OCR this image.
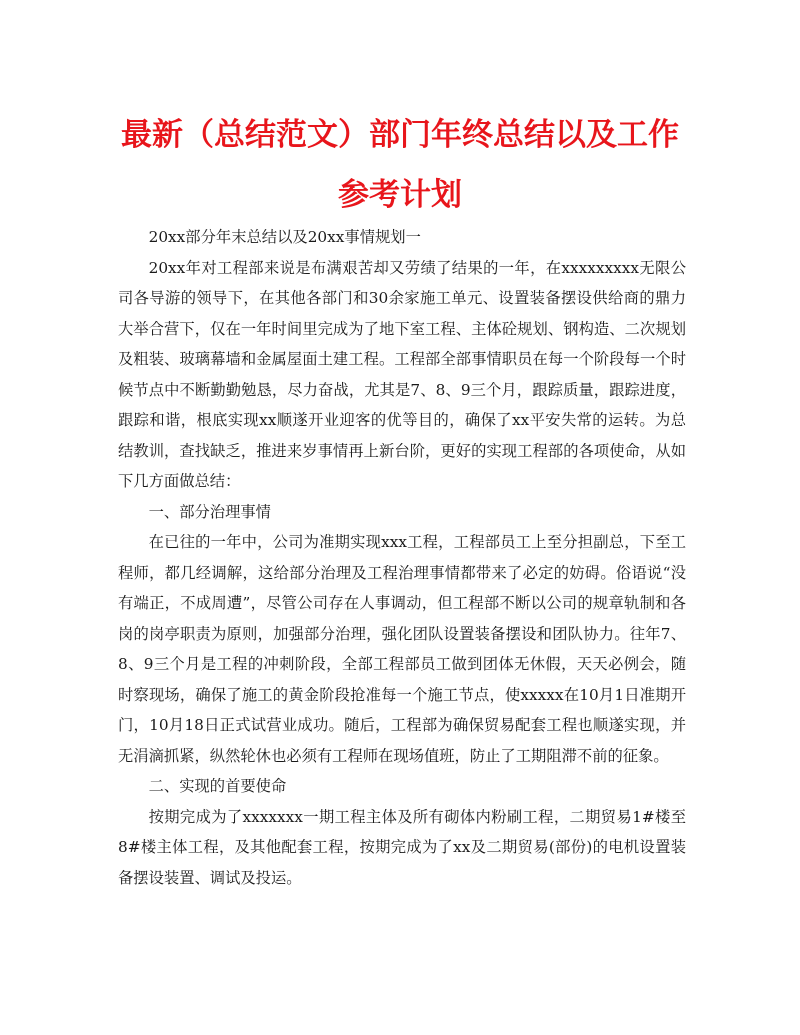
最新（总结范文）部门年终总结以及工作
参考计划

20xx部分年末总结以及20xx事情规划一

20xx年对工程部来说是布满艰苦却又劳绩了结果的一年，在xxxxxxxxx无限公司各导游的领导下，在其他各部门和30余家施工单元、设置装备摆设供给商的鼎力大举合营下，仅在一年时间里完成为了地下室工程、主体砼规划、钢构造、二次规划及粗装、玻璃幕墙和金属屋面土建工程。工程部全部事情职员在每一个阶段每一个时候节点中不断勤勤勉恳，尽力奋战，尤其是7、8、9三个月，跟踪质量，跟踪进度，跟踪和谐，根底实现xx顺遂开业迎客的优等目的，确保了xx平安失常的运转。为总结教训，查找缺乏，推进来岁事情再上新台阶，更好的实现工程部的各项使命，从如下几方面做总结：

一、部分治理事情

在已往的一年中，公司为准期实现xxx工程，工程部员工上至分担副总，下至工程师，都几经调解，这给部分治理及工程治理事情都带来了必定的妨碍。俗语说“没有端正，不成周遭”，尽管公司存在人事调动，但工程部不断以公司的规章轨制和各岗的岗亭职责为原则，加强部分治理，强化团队设置装备摆设和团队协力。往年7、8、9三个月是工程的冲刺阶段，全部工程部员工做到团体无休假，天天必例会，随时察现场，确保了施工的黄金阶段抢准每一个施工节点，使xxxxx在10月1日准期开门，10月18日正式试营业成功。随后，工程部为确保贸易配套工程也顺遂实现，并无涓滴抓紧，纵然轮休也必须有工程师在现场值班，防止了工期阻滞不前的征象。

二、实现的首要使命

按期完成为了xxxxxxx一期工程主体及所有砌体内粉刷工程，二期贸易1#楼至8#楼主体工程，及其他配套工程，按期完成为了xx及二期贸易(部份)的电机设置装备摆设装置、调试及投运。
